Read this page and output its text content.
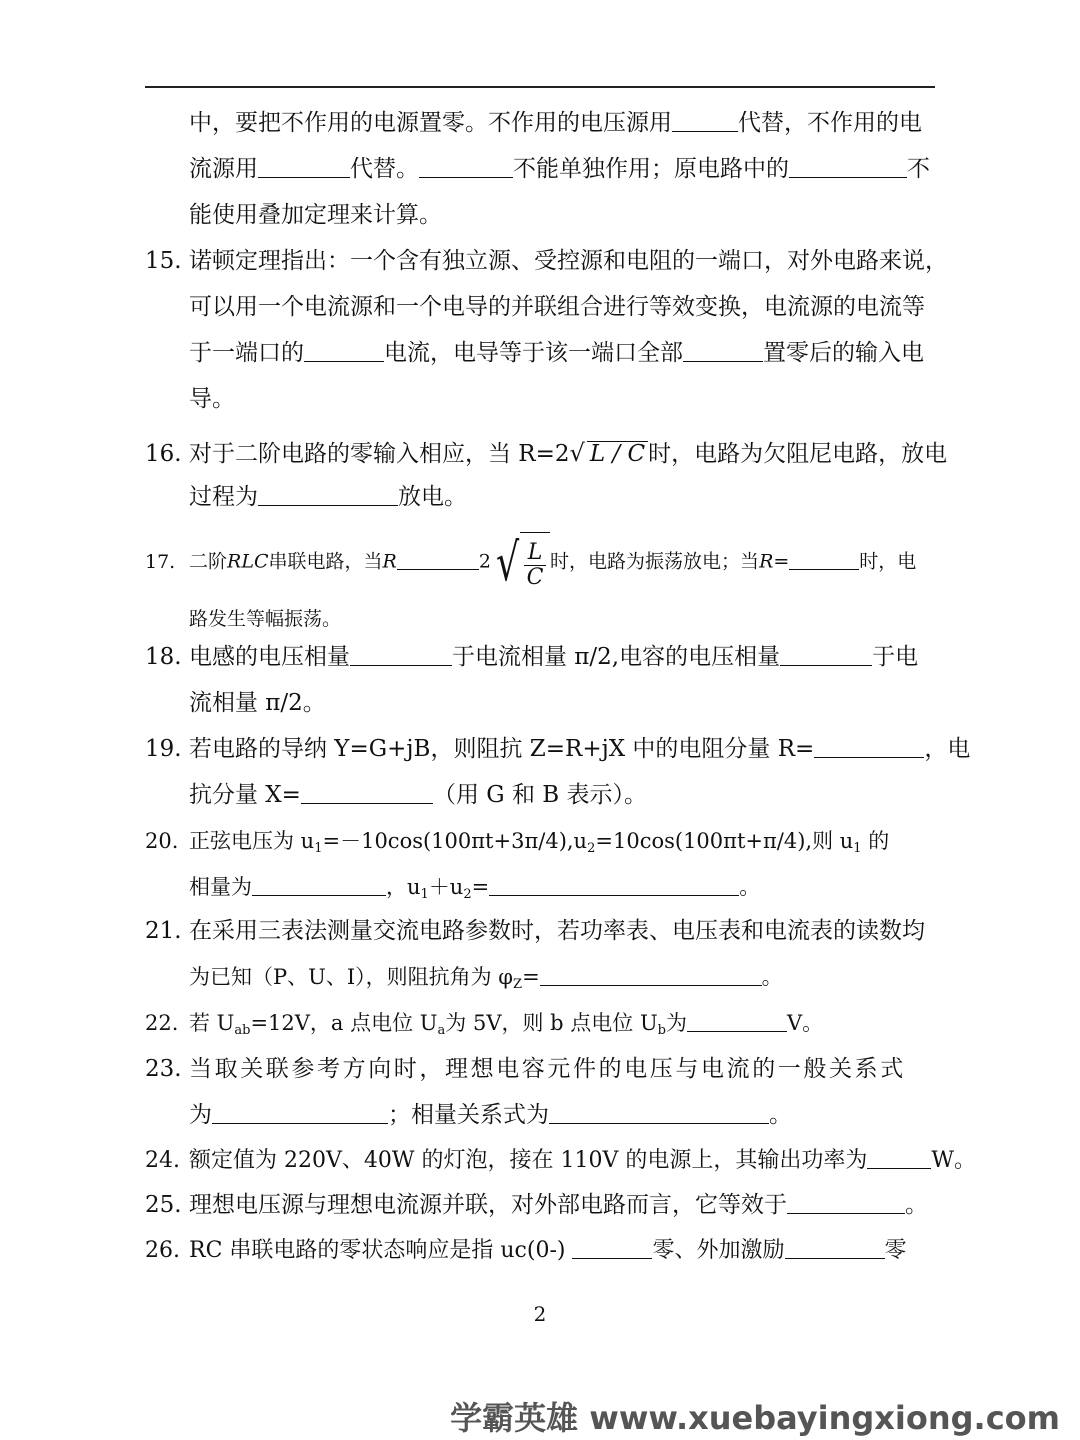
中，要把不作用的电源置零。不作用的电压源用	代替，不作用的电
流源用	代替。	不能单独作用；原电路中的	不
能使用叠加定理来计算。
15. 诺顿定理指出：一个含有独立源、受控源和电阻的一端口，对外电路来说，
可以用一个电流源和一个电导的并联组合进行等效变换，电流源的电流等
于一端口的	电流，电导等于该一端口全部	置零后的输入电
导。
16. 对于二阶电路的零输入相应，当 R=2√ L / C 时，电路为欠阻尼电路，放电
过程为	放电。
17. 二阶RLC串联电路，当R	2 √ $\frac{L}{C}$ 时，电路为振荡放电；当R=	时，电
路发生等幅振荡。
18. 电感的电压相量	于电流相量 π/2,电容的电压相量	于电
流相量 π/2。
19. 若电路的导纳 Y=G+jB，则阻抗 Z=R+jX 中的电阻分量 R=	，电
抗分量 X=	（用 G 和 B 表示）。
20. 正弦电压为 u1=－10cos(100πt+3π/4),u2=10cos(100πt+π/4),则 u1 的
相量为	，u1＋u2=	。
21. 在采用三表法测量交流电路参数时，若功率表、电压表和电流表的读数均
为已知（P、U、I），则阻抗角为 φZ=	。
22. 若 Uab=12V，a 点电位 Ua为 5V，则 b 点电位 Ub为	V。
23. 当取关联参考方向时，理想电容元件的电压与电流的一般关系式
为	；相量关系式为	。
24. 额定值为 220V、40W 的灯泡，接在 110V 的电源上，其输出功率为	W。
25. 理想电压源与理想电流源并联，对外部电路而言，它等效于	。
26. RC 串联电路的零状态响应是指 uc(0-)	零、外加激励	零
2
学霸英雄 www.xuebayingxiong.com
